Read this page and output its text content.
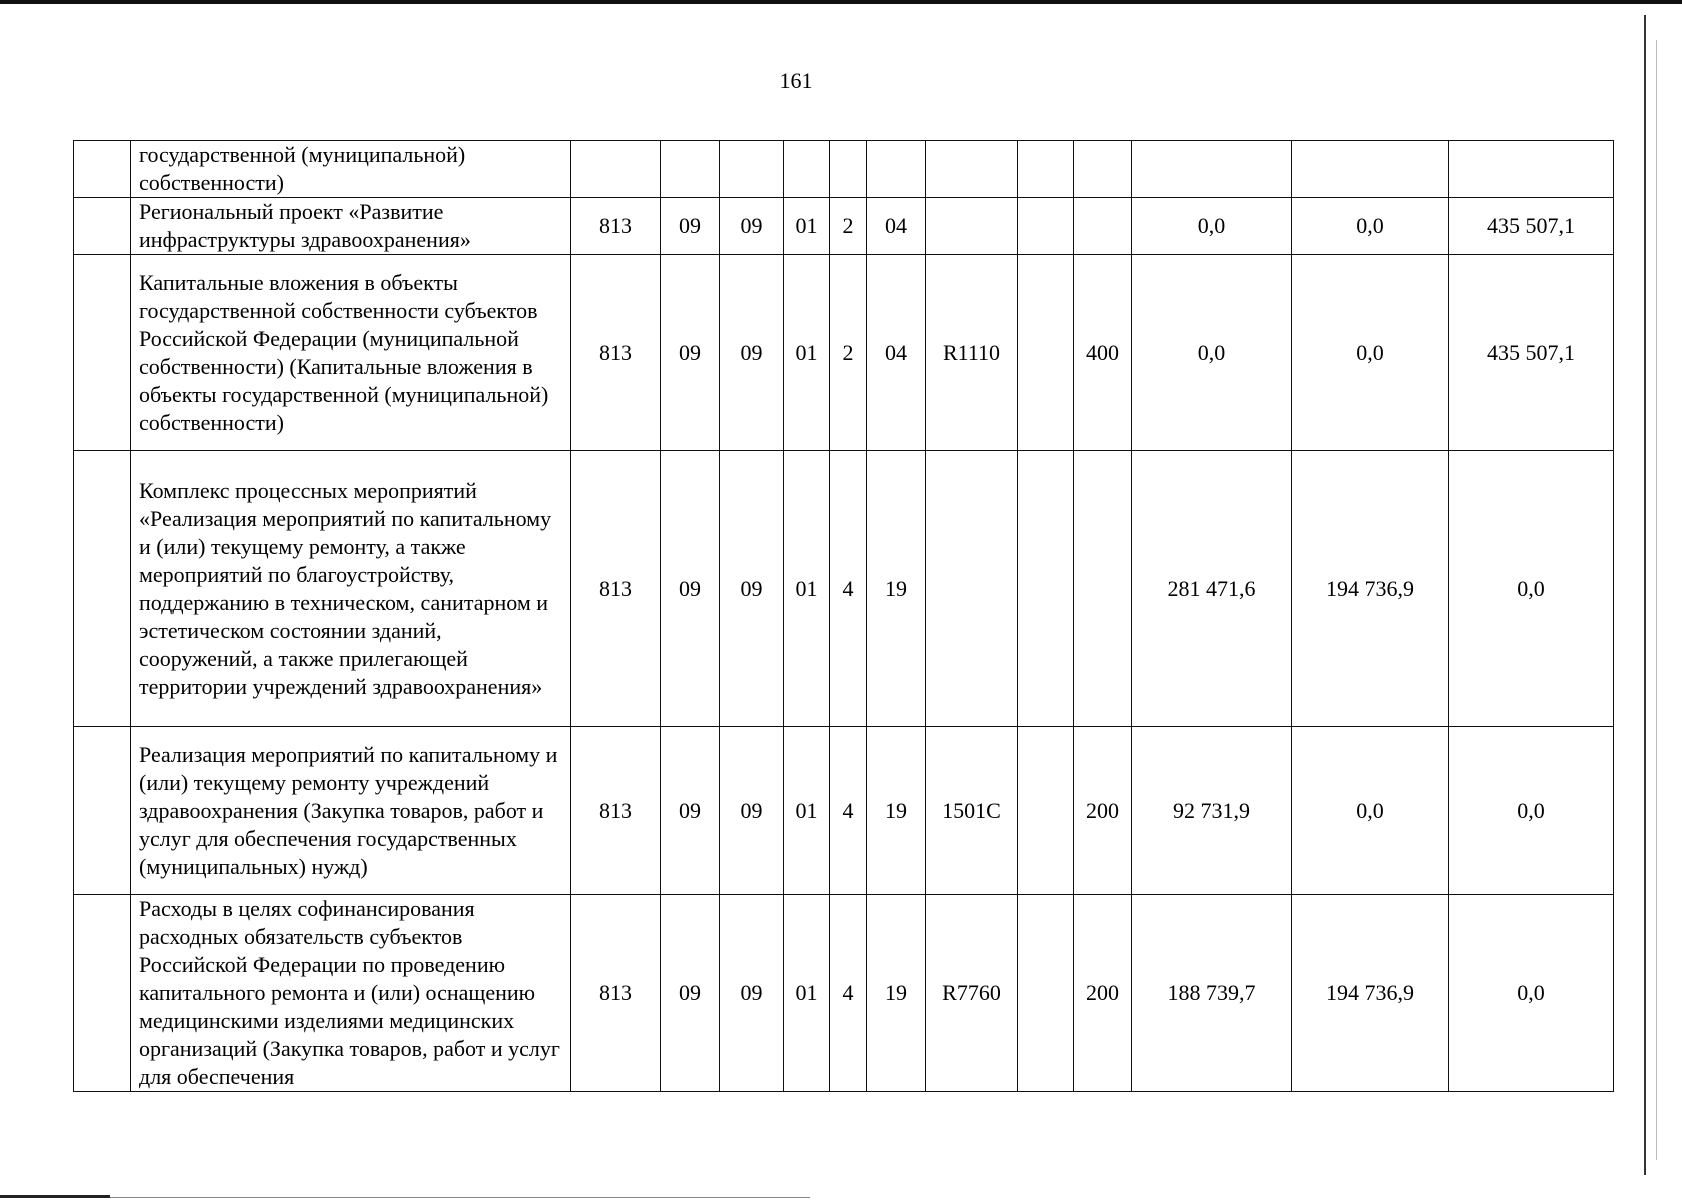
161
	государственной (муниципальной) собственности)												
	Региональный проект «Развитие инфраструктуры здравоохранения»	813	09	09	01	2	04				0,0	0,0	435 507,1
	Капитальные вложения в объекты государственной собственности субъектов Российской Федерации (муниципальной собственности) (Капитальные вложения в объекты государственной (муниципальной) собственности)	813	09	09	01	2	04	R1110		400	0,0	0,0	435 507,1
	Комплекс процессных мероприятий «Реализация мероприятий по капитальному и (или) текущему ремонту, а также мероприятий по благоустройству, поддержанию в техническом, санитарном и эстетическом состоянии зданий, сооружений, а также прилегающей территории учреждений здравоохранения»	813	09	09	01	4	19				281 471,6	194 736,9	0,0
	Реализация мероприятий по капитальному и (или) текущему ремонту учреждений здравоохранения (Закупка товаров, работ и услуг для обеспечения государственных (муниципальных) нужд)	813	09	09	01	4	19	1501C		200	92 731,9	0,0	0,0
	Расходы в целях софинансирования расходных обязательств субъектов Российской Федерации по проведению капитального ремонта и (или) оснащению медицинскими изделиями медицинских организаций (Закупка товаров, работ и услуг для обеспечения	813	09	09	01	4	19	R7760		200	188 739,7	194 736,9	0,0
